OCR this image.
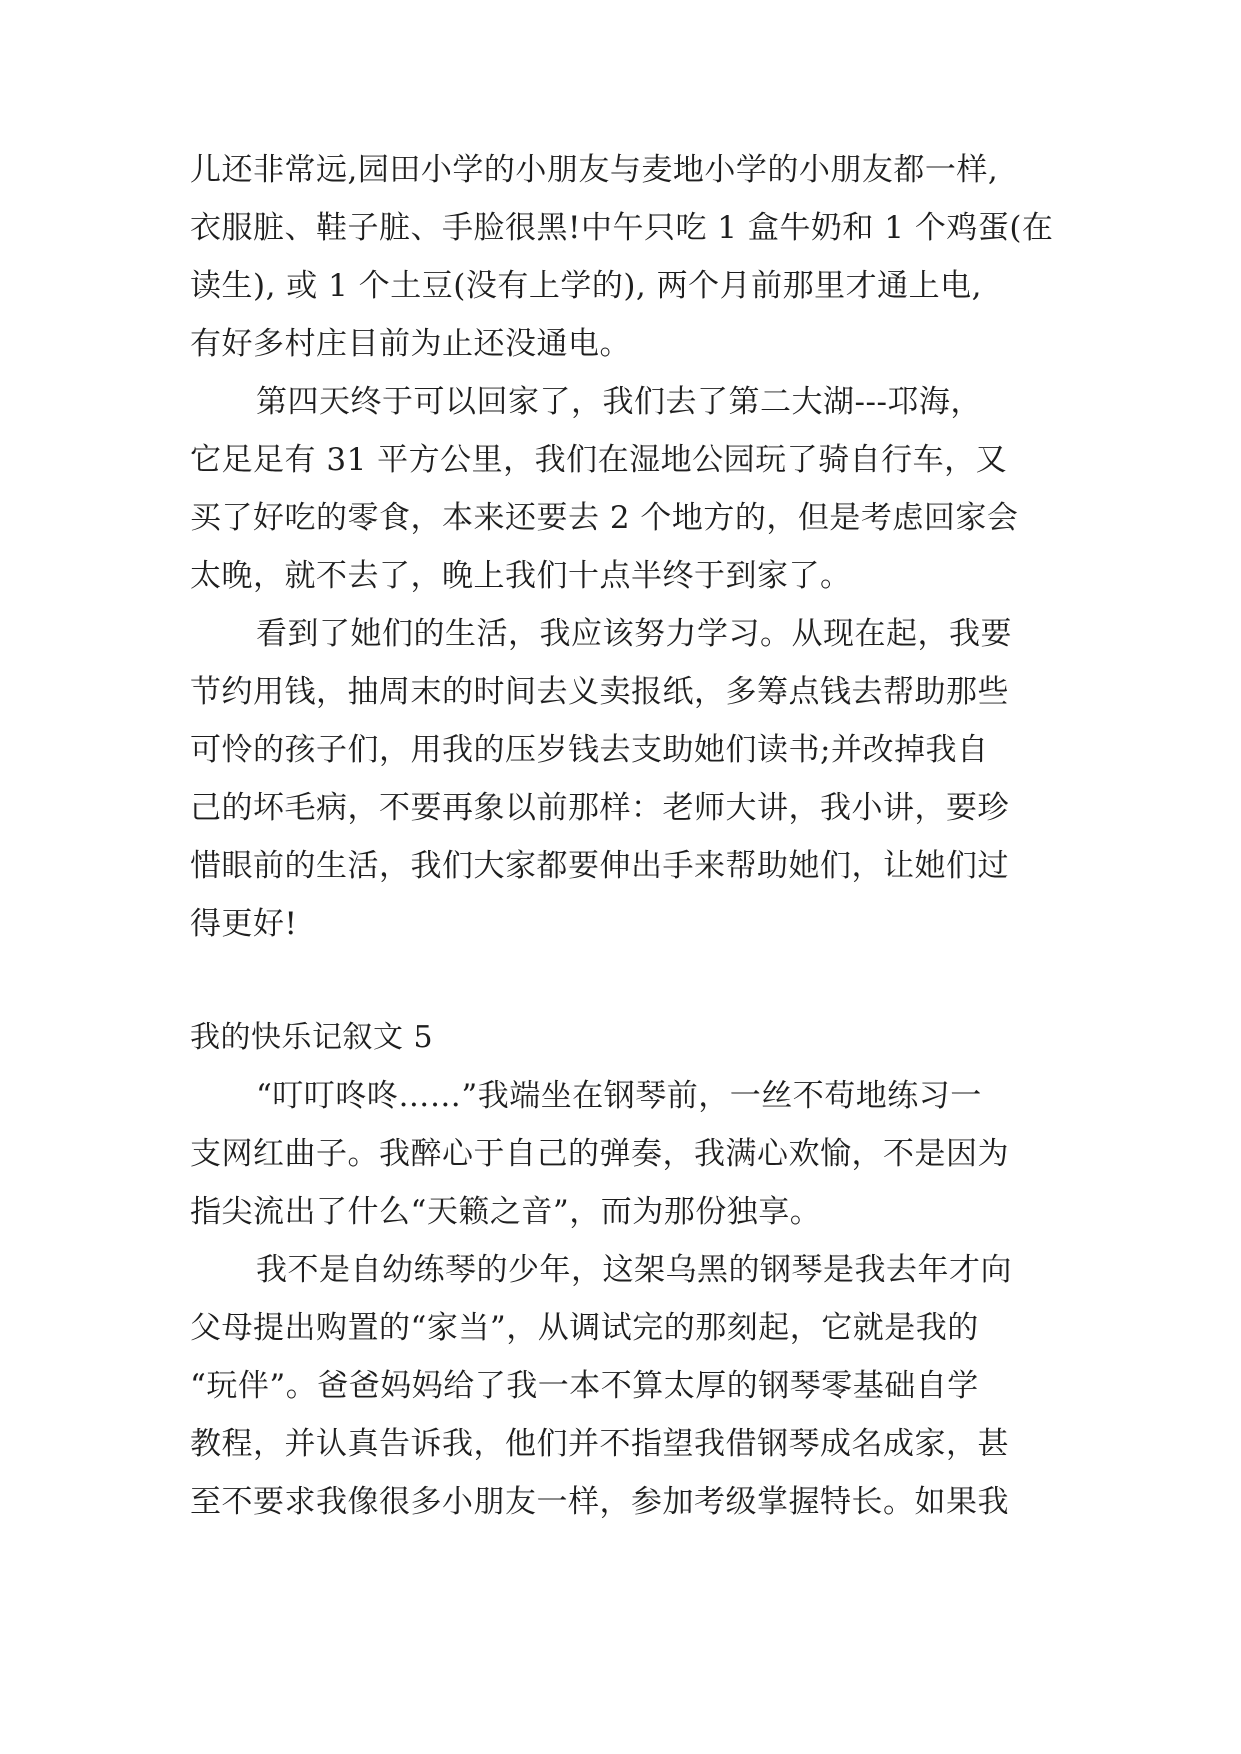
儿还非常远,园田小学的小朋友与麦地小学的小朋友都一样,
衣服脏、鞋子脏、手脸很黑!中午只吃 1 盒牛奶和 1 个鸡蛋(在
读生), 或 1 个土豆(没有上学的), 两个月前那里才通上电,
有好多村庄目前为止还没通电。
第四天终于可以回家了，我们去了第二大湖---邛海，
它足足有 31 平方公里，我们在湿地公园玩了骑自行车，又
买了好吃的零食，本来还要去 2 个地方的，但是考虑回家会
太晚，就不去了，晚上我们十点半终于到家了。
看到了她们的生活，我应该努力学习。从现在起，我要
节约用钱，抽周末的时间去义卖报纸，多筹点钱去帮助那些
可怜的孩子们，用我的压岁钱去支助她们读书;并改掉我自
己的坏毛病，不要再象以前那样：老师大讲，我小讲，要珍
惜眼前的生活，我们大家都要伸出手来帮助她们，让她们过
得更好!
我的快乐记叙文 5
“叮叮咚咚……”我端坐在钢琴前，一丝不苟地练习一
支网红曲子。我醉心于自己的弹奏，我满心欢愉，不是因为
指尖流出了什么“天籁之音”，而为那份独享。
我不是自幼练琴的少年，这架乌黑的钢琴是我去年才向
父母提出购置的“家当”，从调试完的那刻起，它就是我的
“玩伴”。爸爸妈妈给了我一本不算太厚的钢琴零基础自学
教程，并认真告诉我，他们并不指望我借钢琴成名成家，甚
至不要求我像很多小朋友一样，参加考级掌握特长。如果我
